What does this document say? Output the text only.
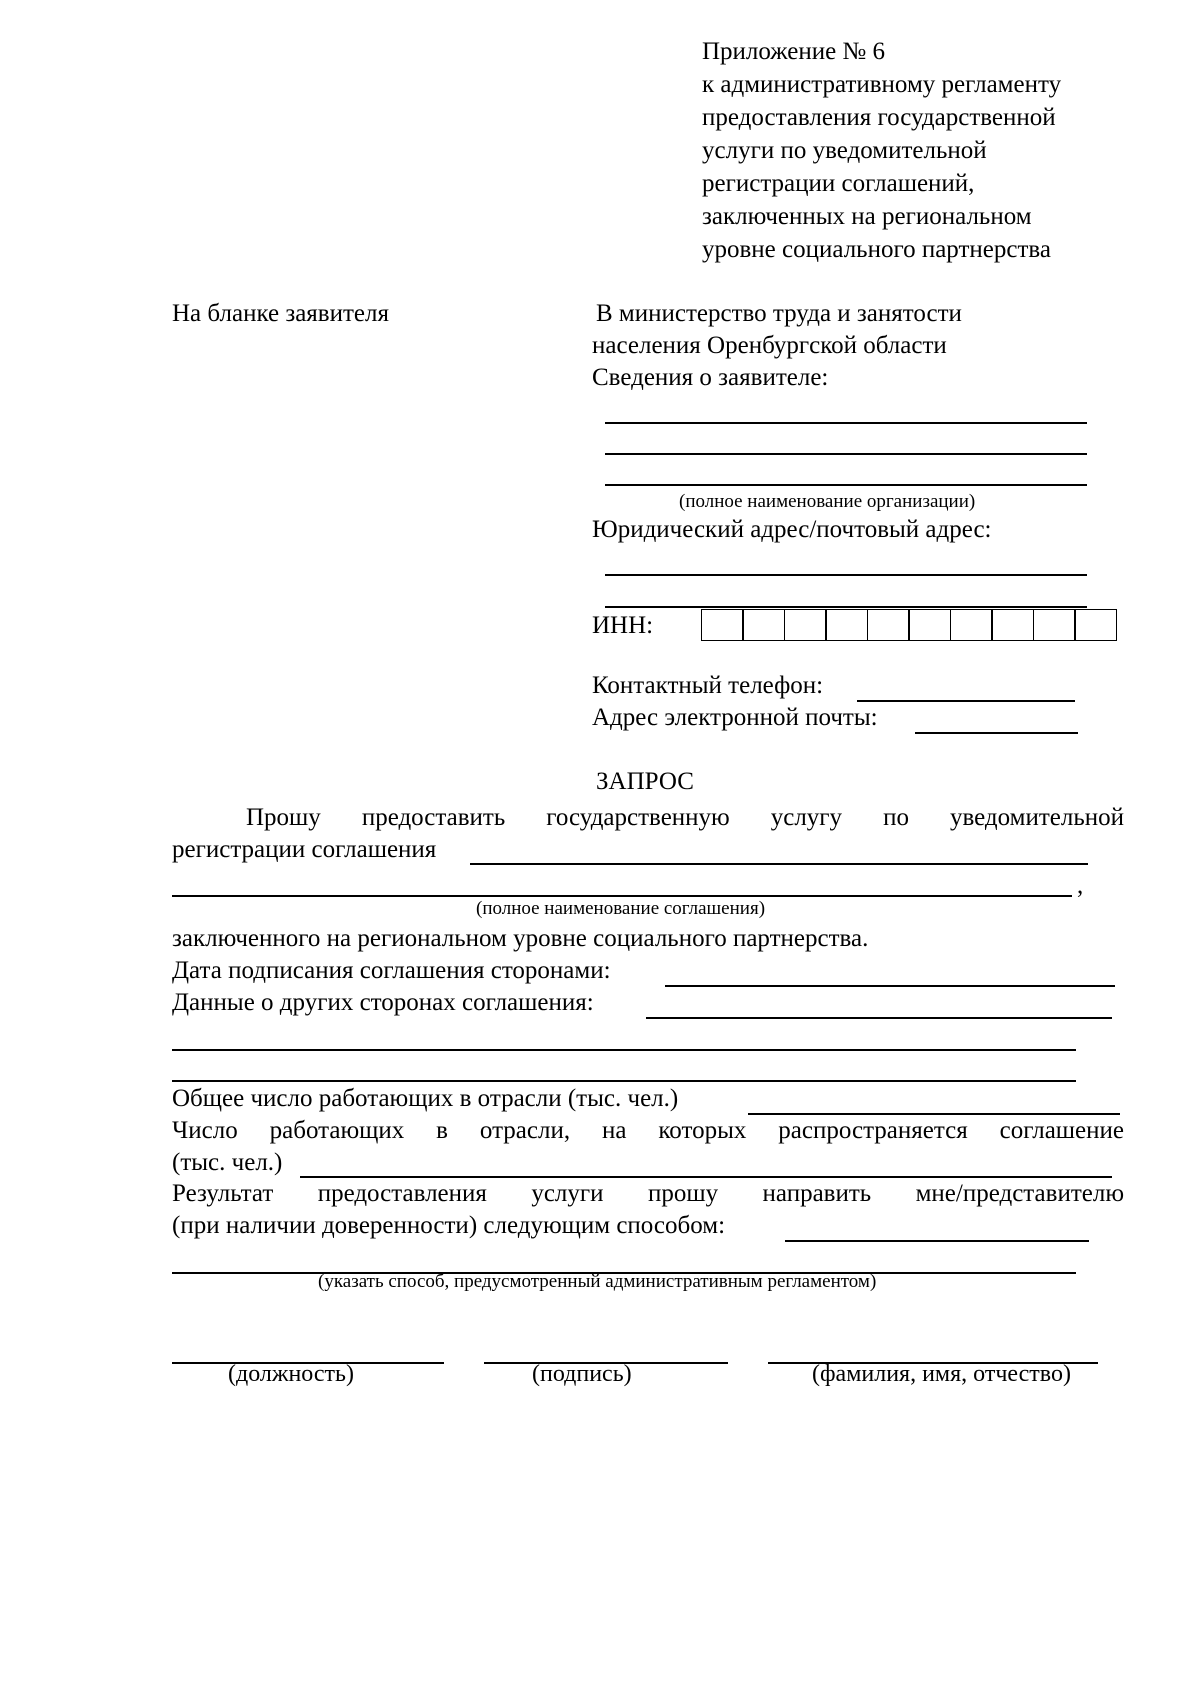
Приложение № 6
к административному регламенту
предоставления государственной
услуги по уведомительной
регистрации соглашений,
заключенных на региональном
уровне социального партнерства
На бланке заявителя	В министерство труда и занятости
населения Оренбургской области
Сведения о заявителе:
(полное наименование организации)
Юридический адрес/почтовый адрес:
ИНН:
Контактный телефон:
Адрес электронной почты:
ЗАПРОС
Прошу предоставить государственную услугу по уведомительной
регистрации соглашения
,
(полное наименование соглашения)
заключенного на региональном уровне социального партнерства.
Дата подписания соглашения сторонами:
Данные о других сторонах соглашения:
Общее число работающих в отрасли (тыс. чел.)
Число работающих в отрасли, на которых распространяется соглашение
(тыс. чел.)
Результат предоставления услуги прошу направить мне/представителю
(при наличии доверенности) следующим способом:
(указать способ, предусмотренный административным регламентом)
(должность)	(подпись)	(фамилия, имя, отчество)
